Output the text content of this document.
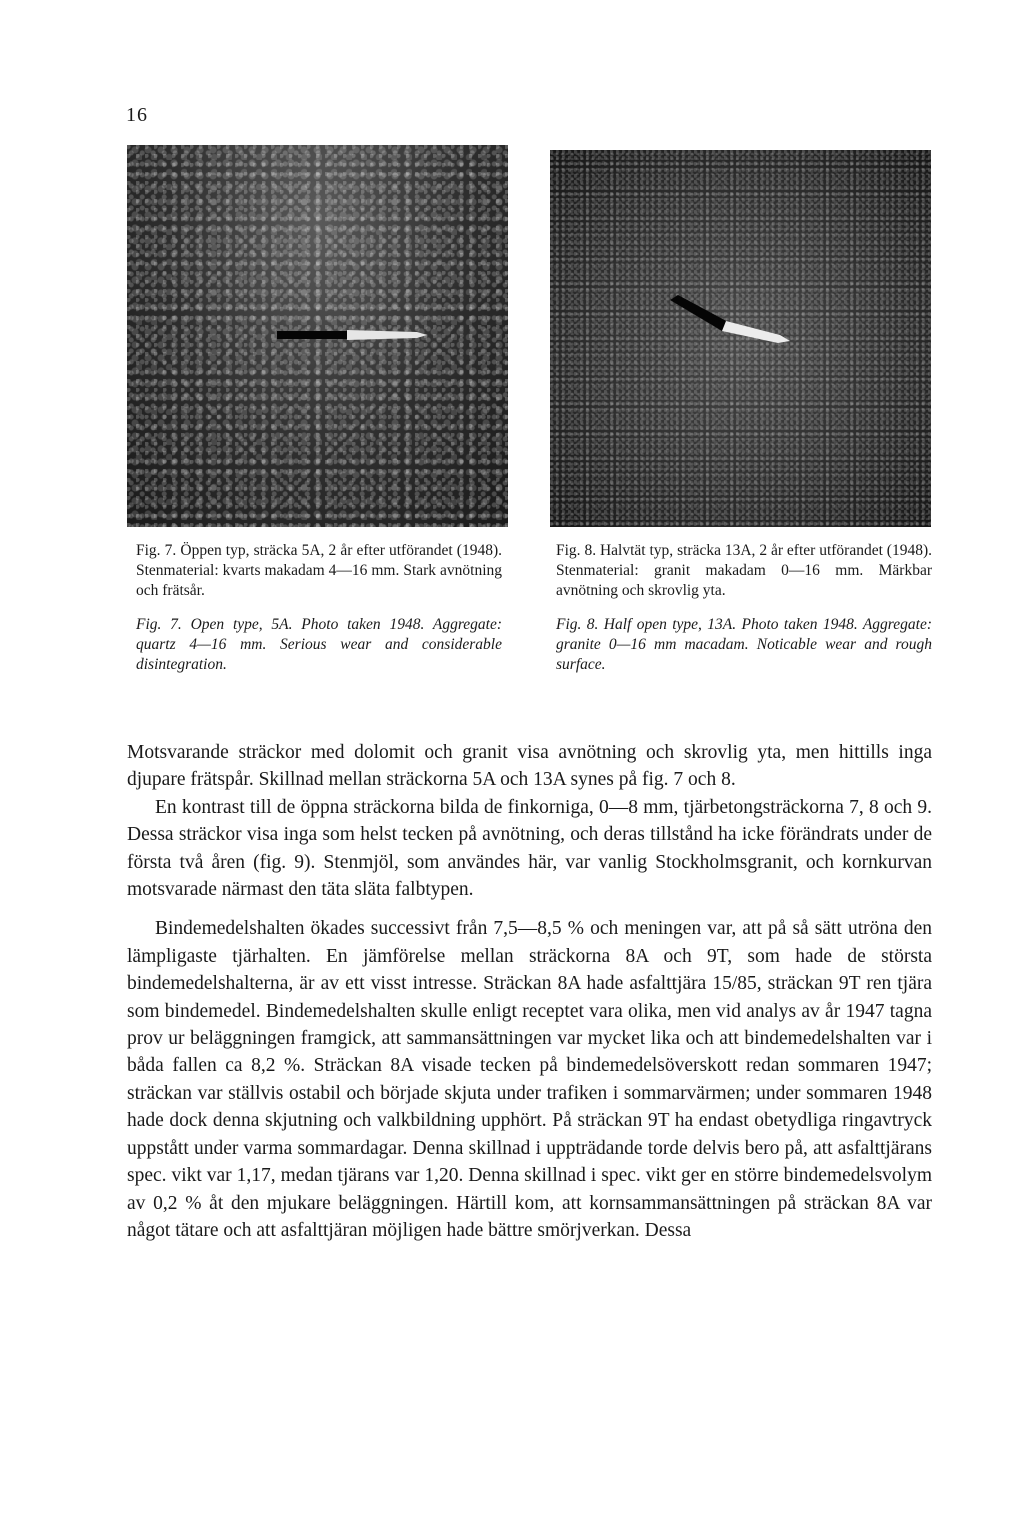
16

Fig. 7. Öppen typ, sträcka 5A, 2 år efter utförandet (1948). Stenmaterial: kvarts makadam 4—16 mm. Stark avnötning och frätsår.

Fig. 7. Open type, 5A. Photo taken 1948. Aggregate: quartz 4—16 mm. Serious wear and considerable disintegration.

Fig. 8. Halvtät typ, sträcka 13A, 2 år efter utförandet (1948). Stenmaterial: granit makadam 0—16 mm. Märkbar avnötning och skrovlig yta.

Fig. 8. Half open type, 13A. Photo taken 1948. Aggregate: granite 0—16 mm macadam. Noticable wear and rough surface.

Motsvarande sträckor med dolomit och granit visa avnötning och skrovlig yta, men hittills inga djupare frätspår. Skillnad mellan sträckorna 5A och 13A synes på fig. 7 och 8.

En kontrast till de öppna sträckorna bilda de finkorniga, 0—8 mm, tjärbetongsträckorna 7, 8 och 9. Dessa sträckor visa inga som helst tecken på avnötning, och deras tillstånd ha icke förändrats under de första två åren (fig. 9). Stenmjöl, som användes här, var vanlig Stockholmsgranit, och kornkurvan motsvarade närmast den täta släta falbtypen.

Bindemedelshalten ökades successivt från 7,5—8,5 % och meningen var, att på så sätt utröna den lämpligaste tjärhalten. En jämförelse mellan sträckorna 8A och 9T, som hade de största bindemedelshalterna, är av ett visst intresse. Sträckan 8A hade asfalttjära 15/85, sträckan 9T ren tjära som bindemedel. Bindemedelshalten skulle enligt receptet vara olika, men vid analys av år 1947 tagna prov ur beläggningen framgick, att sammansättningen var mycket lika och att bindemedelshalten var i båda fallen ca 8,2 %. Sträckan 8A visade tecken på bindemedelsöverskott redan sommaren 1947; sträckan var ställvis ostabil och började skjuta under trafiken i sommarvärmen; under sommaren 1948 hade dock denna skjutning och valkbildning upphört. På sträckan 9T ha endast obetydliga ringavtryck uppstått under varma sommardagar. Denna skillnad i uppträdande torde delvis bero på, att asfalttjärans spec. vikt var 1,17, medan tjärans var 1,20. Denna skillnad i spec. vikt ger en större bindemedelsvolym av 0,2 % åt den mjukare beläggningen. Härtill kom, att kornsammansättningen på sträckan 8A var något tätare och att asfalttjäran möjligen hade bättre smörjverkan. Dessa
